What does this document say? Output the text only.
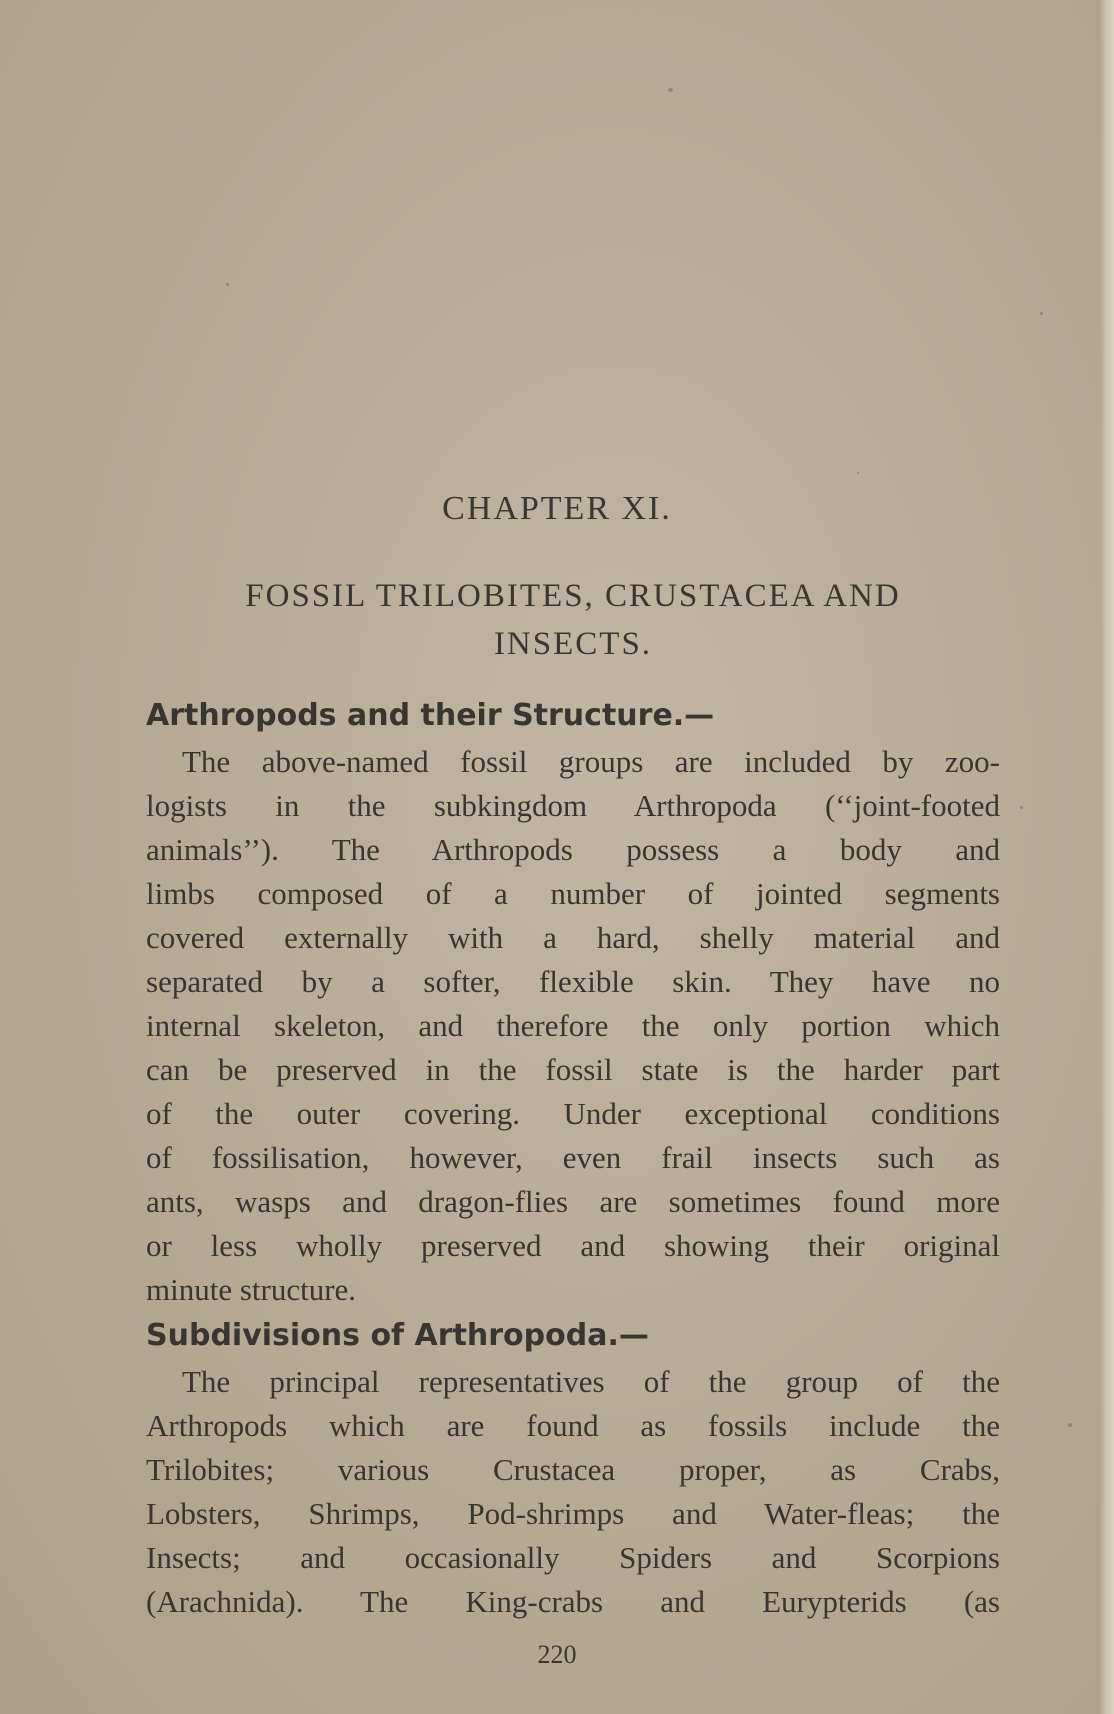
CHAPTER XI.
FOSSIL TRILOBITES, CRUSTACEA AND
INSECTS.
Arthropods and their Structure.—
The above-named fossil groups are included by zoo-
logists in the subkingdom Arthropoda (‘‘joint-footed
animals’’). The Arthropods possess a body and
limbs composed of a number of jointed segments
covered externally with a hard, shelly material and
separated by a softer, flexible skin. They have no
internal skeleton, and therefore the only portion which
can be preserved in the fossil state is the harder part
of the outer covering. Under exceptional conditions
of fossilisation, however, even frail insects such as
ants, wasps and dragon-flies are sometimes found more
or less wholly preserved and showing their original
minute structure.
Subdivisions of Arthropoda.—
The principal representatives of the group of the
Arthropods which are found as fossils include the
Trilobites; various Crustacea proper, as Crabs,
Lobsters, Shrimps, Pod-shrimps and Water-fleas; the
Insects; and occasionally Spiders and Scorpions
(Arachnida). The King-crabs and Eurypterids (as
220
